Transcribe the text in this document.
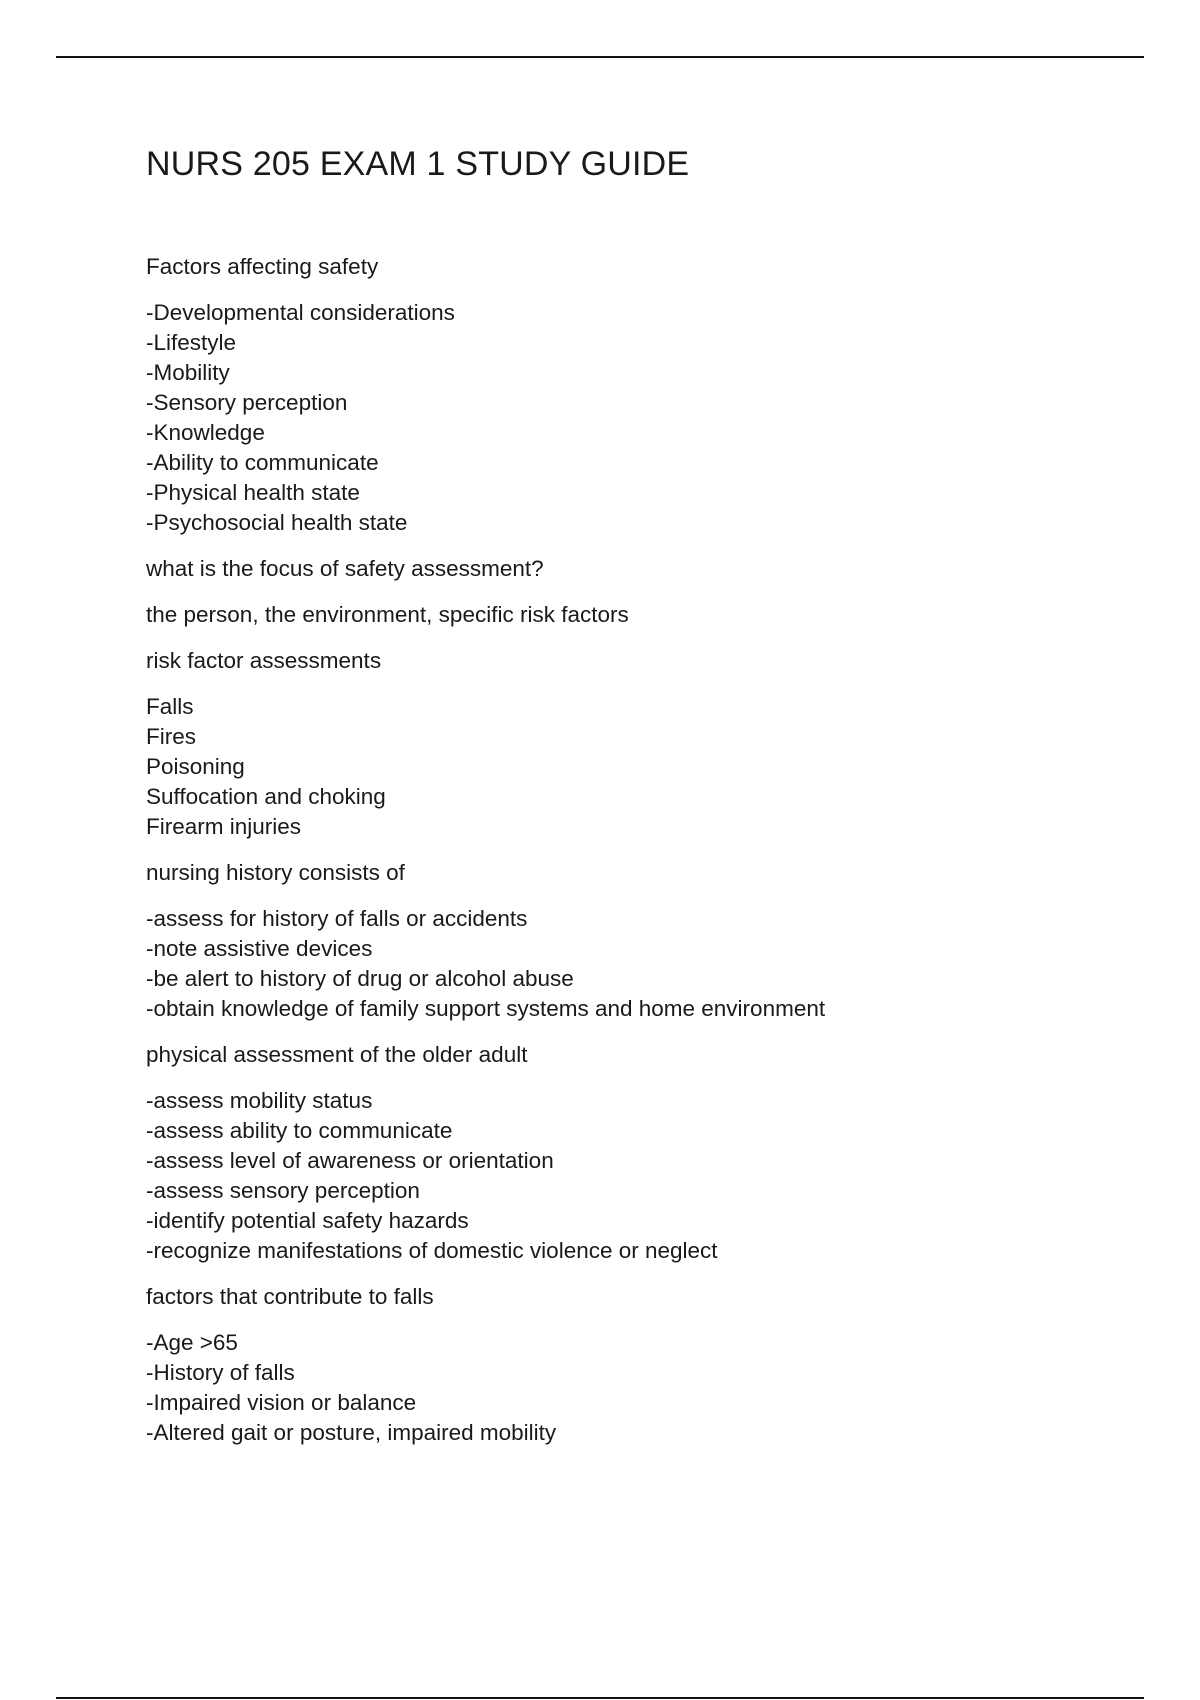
NURS 205 EXAM 1 STUDY GUIDE

Factors affecting safety

-Developmental considerations
-Lifestyle
-Mobility
-Sensory perception
-Knowledge
-Ability to communicate
-Physical health state
-Psychosocial health state

what is the focus of safety assessment?

the person, the environment, specific risk factors

risk factor assessments

Falls
Fires
Poisoning
Suffocation and choking
Firearm injuries

nursing history consists of

-assess for history of falls or accidents
-note assistive devices
-be alert to history of drug or alcohol abuse
-obtain knowledge of family support systems and home environment

physical assessment of the older adult

-assess mobility status
-assess ability to communicate
-assess level of awareness or orientation
-assess sensory perception
-identify potential safety hazards
-recognize manifestations of domestic violence or neglect

factors that contribute to falls

-Age >65
-History of falls
-Impaired vision or balance
-Altered gait or posture, impaired mobility
